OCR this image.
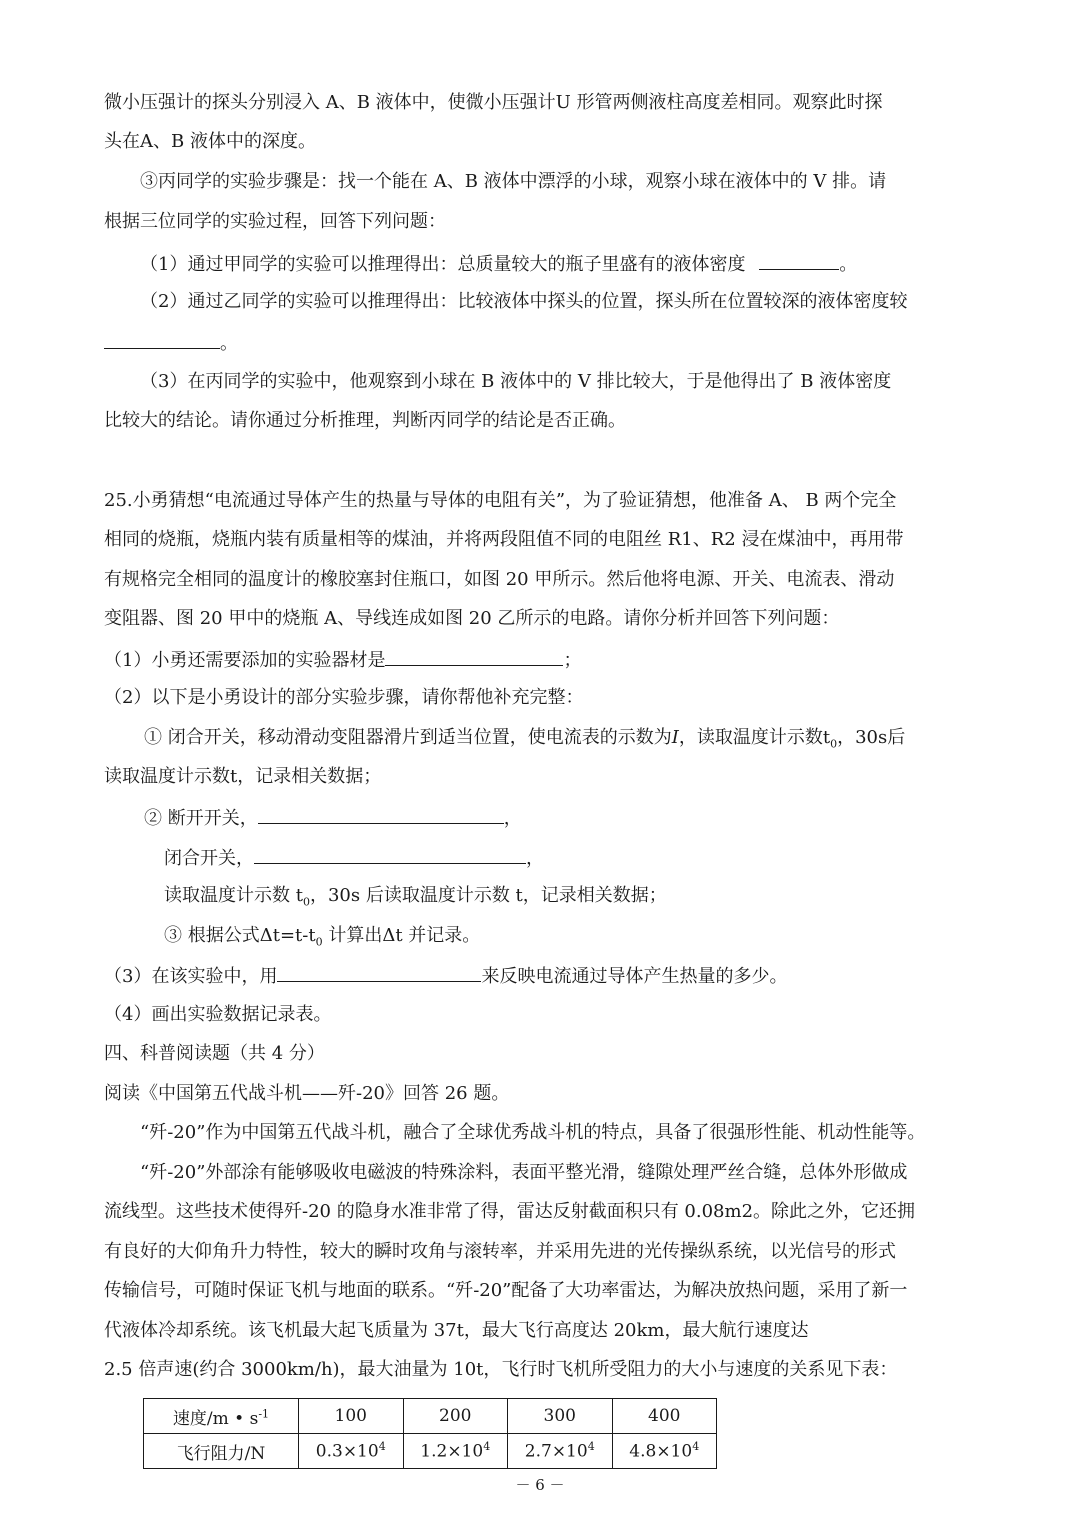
微小压强计的探头分别浸入 A、B 液体中，使微小压强计U 形管两侧液柱高度差相同。观察此时探
头在A、B 液体中的深度。
③丙同学的实验步骤是：找一个能在 A、B 液体中漂浮的小球，观察小球在液体中的 V 排。请
根据三位同学的实验过程，回答下列问题：
（1）通过甲同学的实验可以推理得出：总质量较大的瓶子里盛有的液体密度	。
（2）通过乙同学的实验可以推理得出：比较液体中探头的位置，探头所在位置较深的液体密度较
。
（3）在丙同学的实验中，他观察到小球在 B 液体中的 V 排比较大，于是他得出了 B 液体密度
比较大的结论。请你通过分析推理，判断丙同学的结论是否正确。
25.小勇猜想“电流通过导体产生的热量与导体的电阻有关”，为了验证猜想，他准备 A、 B 两个完全
相同的烧瓶，烧瓶内装有质量相等的煤油，并将两段阻值不同的电阻丝 R1、R2 浸在煤油中，再用带
有规格完全相同的温度计的橡胶塞封住瓶口，如图 20 甲所示。然后他将电源、开关、电流表、滑动
变阻器、图 20 甲中的烧瓶 A、导线连成如图 20 乙所示的电路。请你分析并回答下列问题：
（1）小勇还需要添加的实验器材是	；
（2）以下是小勇设计的部分实验步骤，请你帮他补充完整：
① 闭合开关，移动滑动变阻器滑片到适当位置，使电流表的示数为I，读取温度计示数$t_0$，30s后
读取温度计示数t，记录相关数据；
② 断开开关，	，
闭合开关，	，
读取温度计示数 $t_0$，30s 后读取温度计示数 t，记录相关数据；
③ 根据公式$\Delta t=t-t_0$ 计算出Δt 并记录。
（3）在该实验中，用	来反映电流通过导体产生热量的多少。
（4）画出实验数据记录表。
四、科普阅读题（共 4 分）
阅读《中国第五代战斗机——歼-20》回答 26 题。
“歼-20”作为中国第五代战斗机，融合了全球优秀战斗机的特点，具备了很强形性能、机动性能等。
“歼-20”外部涂有能够吸收电磁波的特殊涂料，表面平整光滑，缝隙处理严丝合缝，总体外形做成
流线型。这些技术使得歼-20 的隐身水准非常了得，雷达反射截面积只有 0.08m2。除此之外，它还拥
有良好的大仰角升力特性，较大的瞬时攻角与滚转率，并采用先进的光传操纵系统，以光信号的形式
传输信号，可随时保证飞机与地面的联系。“歼-20”配备了大功率雷达，为解决放热问题，采用了新一
代液体冷却系统。该飞机最大起飞质量为 37t，最大飞行高度达 20km，最大航行速度达
2.5 倍声速(约合 3000km/h)，最大油量为 10t，飞行时飞机所受阻力的大小与速度的关系见下表：
速度/m • $s^{-1}$	100	200	300	400
飞行阻力/N	$0.3\times 10^4$	$1.2\times 10^4$	$2.7\times 10^4$	$4.8\times 10^4$
－ 6 －
